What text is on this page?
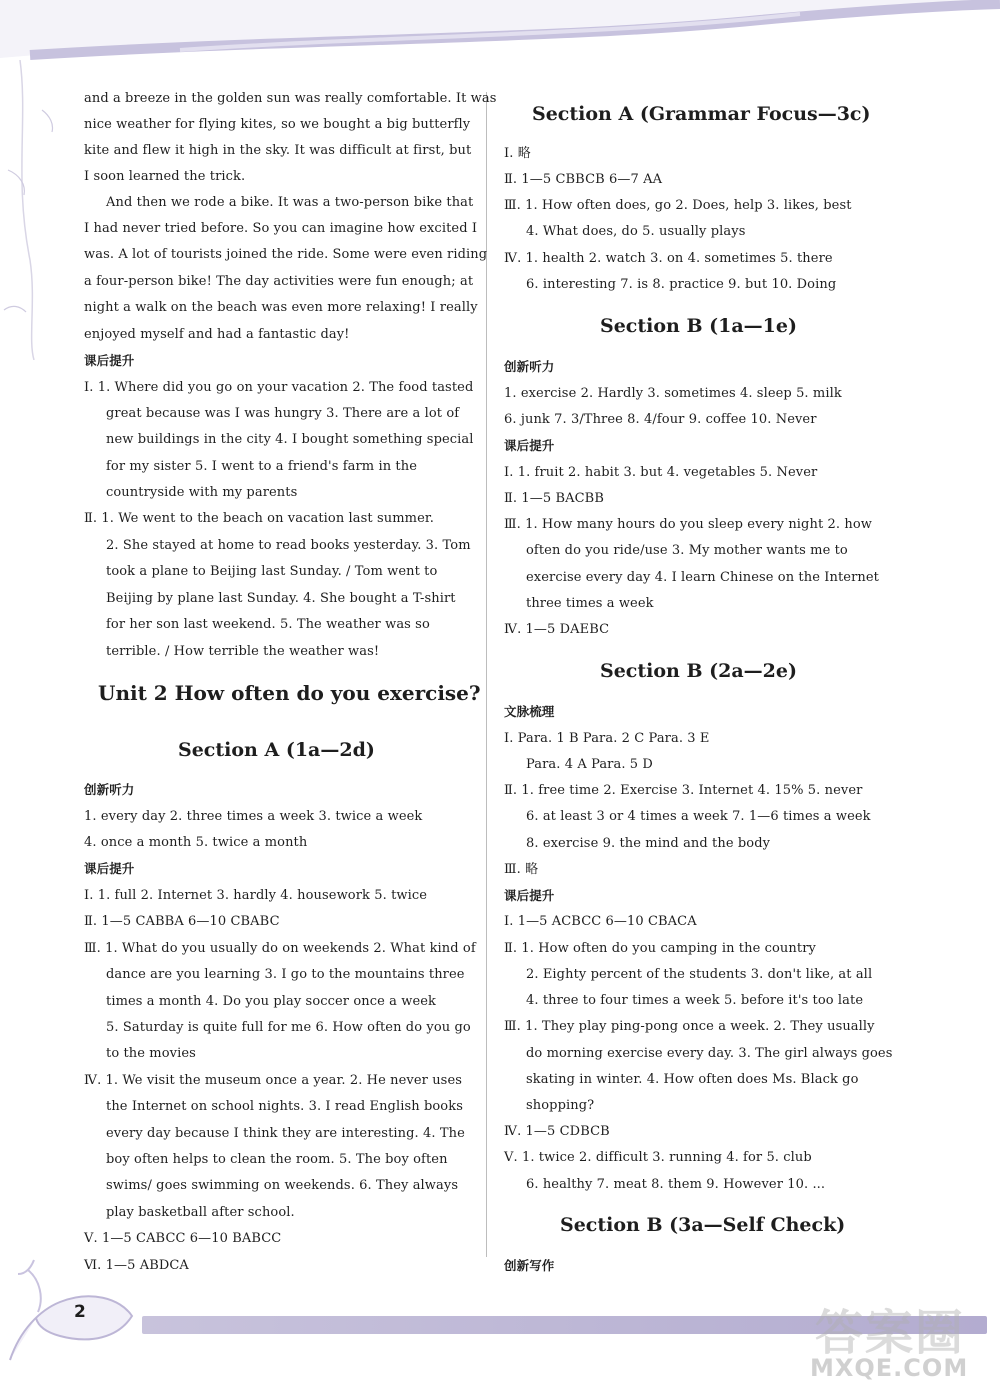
and a breeze in the golden sun was really comfortable. It was
nice weather for flying kites, so we bought a big butterfly
kite and flew it high in the sky. It was difficult at first, but
I soon learned the trick.
And then we rode a bike. It was a two-person bike that
I had never tried before. So you can imagine how excited I
was. A lot of tourists joined the ride. Some were even riding
a four-person bike! The day activities were fun enough; at
night a walk on the beach was even more relaxing! I really
enjoyed myself and had a fantastic day!
课后提升
Ⅰ. 1. Where did you go on your vacation 2. The food tasted
great because was I was hungry 3. There are a lot of
new buildings in the city 4. I bought something special
for my sister 5. I went to a friend's farm in the
countryside with my parents
Ⅱ. 1. We went to the beach on vacation last summer.
2. She stayed at home to read books yesterday. 3. Tom
took a plane to Beijing last Sunday. / Tom went to
Beijing by plane last Sunday. 4. She bought a T-shirt
for her son last weekend. 5. The weather was so
terrible. / How terrible the weather was!
Unit 2 How often do you exercise?
Section A (1a—2d)
创新听力
1. every day 2. three times a week 3. twice a week
4. once a month 5. twice a month
课后提升
Ⅰ. 1. full 2. Internet 3. hardly 4. housework 5. twice
Ⅱ. 1—5 CABBA 6—10 CBABC
Ⅲ. 1. What do you usually do on weekends 2. What kind of
dance are you learning 3. I go to the mountains three
times a month 4. Do you play soccer once a week
5. Saturday is quite full for me 6. How often do you go
to the movies
Ⅳ. 1. We visit the museum once a year. 2. He never uses
the Internet on school nights. 3. I read English books
every day because I think they are interesting. 4. The
boy often helps to clean the room. 5. The boy often
swims/ goes swimming on weekends. 6. They always
play basketball after school.
Ⅴ. 1—5 CABCC 6—10 BABCC
Ⅵ. 1—5 ABDCA
Section A (Grammar Focus—3c)
Ⅰ. 略
Ⅱ. 1—5 CBBCB 6—7 AA
Ⅲ. 1. How often does, go 2. Does, help 3. likes, best
4. What does, do 5. usually plays
Ⅳ. 1. health 2. watch 3. on 4. sometimes 5. there
6. interesting 7. is 8. practice 9. but 10. Doing
Section B (1a—1e)
创新听力
1. exercise 2. Hardly 3. sometimes 4. sleep 5. milk
6. junk 7. 3/Three 8. 4/four 9. coffee 10. Never
课后提升
Ⅰ. 1. fruit 2. habit 3. but 4. vegetables 5. Never
Ⅱ. 1—5 BACBB
Ⅲ. 1. How many hours do you sleep every night 2. how
often do you ride/use 3. My mother wants me to
exercise every day 4. I learn Chinese on the Internet
three times a week
Ⅳ. 1—5 DAEBC
Section B (2a—2e)
文脉梳理
Ⅰ. Para. 1 B Para. 2 C Para. 3 E
Para. 4 A Para. 5 D
Ⅱ. 1. free time 2. Exercise 3. Internet 4. 15% 5. never
6. at least 3 or 4 times a week 7. 1—6 times a week
8. exercise 9. the mind and the body
Ⅲ. 略
课后提升
Ⅰ. 1—5 ACBCC 6—10 CBACA
Ⅱ. 1. How often do you camping in the country
2. Eighty percent of the students 3. don't like, at all
4. three to four times a week 5. before it's too late
Ⅲ. 1. They play ping-pong once a week. 2. They usually
do morning exercise every day. 3. The girl always goes
skating in winter. 4. How often does Ms. Black go
shopping?
Ⅳ. 1—5 CDBCB
Ⅴ. 1. twice 2. difficult 3. running 4. for 5. club
6. healthy 7. meat 8. them 9. However 10. ...
Section B (3a—Self Check)
创新写作
2	答案圈
MXQE.COM
